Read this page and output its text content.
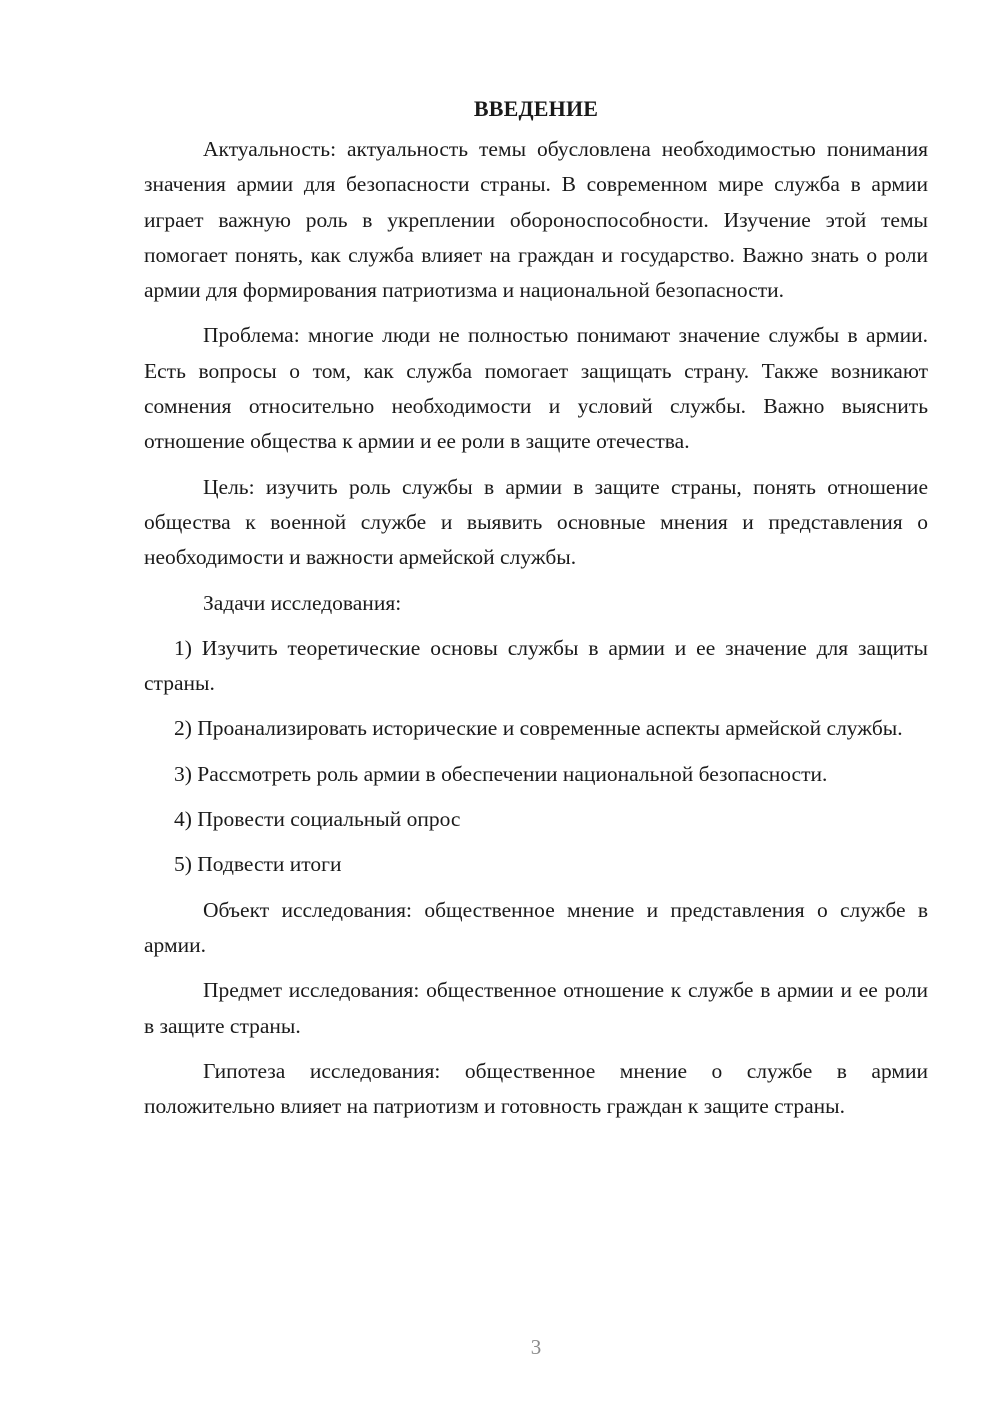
ВВЕДЕНИЕ

Актуальность: актуальность темы обусловлена необходимостью понимания значения армии для безопасности страны. В современном мире служба в армии играет важную роль в укреплении обороноспособности. Изучение этой темы помогает понять, как служба влияет на граждан и государство. Важно знать о роли армии для формирования патриотизма и национальной безопасности.

Проблема: многие люди не полностью понимают значение службы в армии. Есть вопросы о том, как служба помогает защищать страну. Также возникают сомнения относительно необходимости и условий службы. Важно выяснить отношение общества к армии и ее роли в защите отечества.

Цель: изучить роль службы в армии в защите страны, понять отношение общества к военной службе и выявить основные мнения и представления о необходимости и важности армейской службы.

Задачи исследования:

1) Изучить теоретические основы службы в армии и ее значение для защиты страны.

2) Проанализировать исторические и современные аспекты армейской службы.

3) Рассмотреть роль армии в обеспечении национальной безопасности.

4) Провести социальный опрос

5) Подвести итоги

Объект исследования: общественное мнение и представления о службе в армии.

Предмет исследования: общественное отношение к службе в армии и ее роли в защите страны.

Гипотеза исследования: общественное мнение о службе в армии положительно влияет на патриотизм и готовность граждан к защите страны.

3
